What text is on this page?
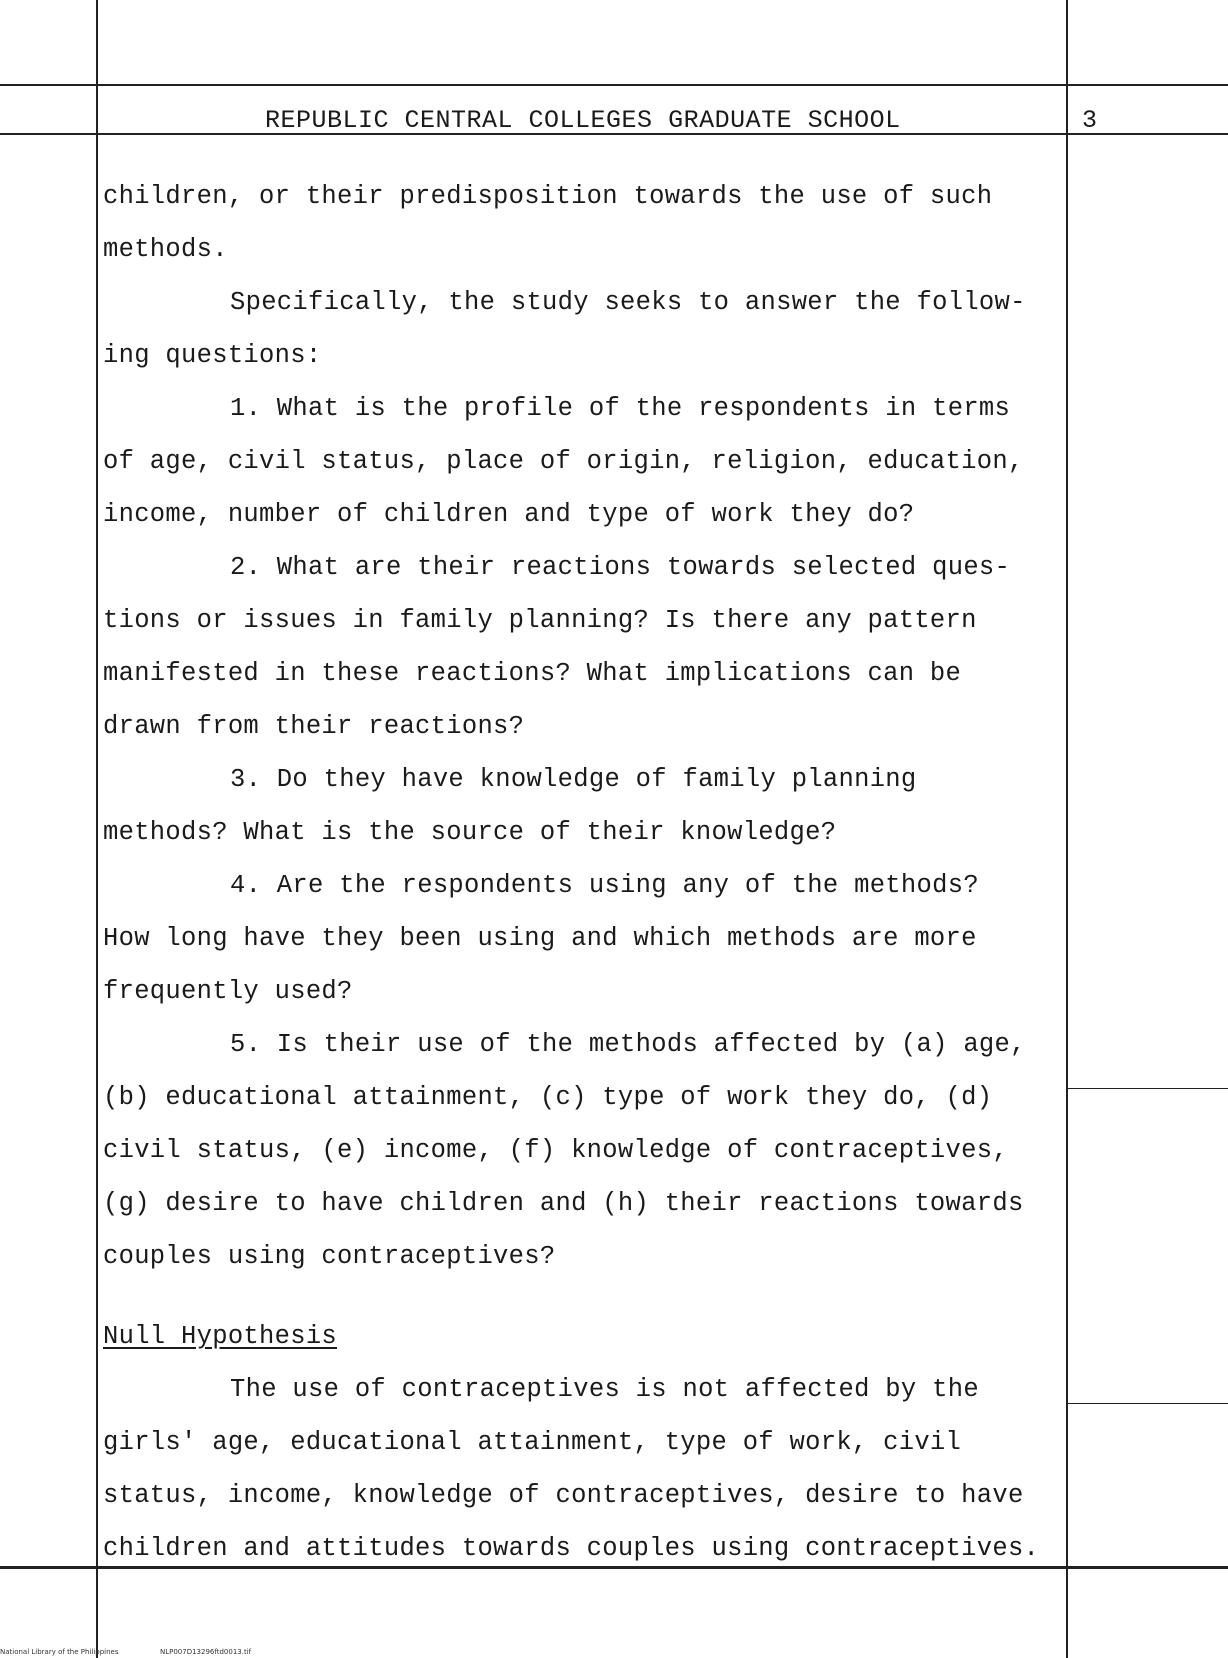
REPUBLIC CENTRAL COLLEGES GRADUATE SCHOOL	3
children, or their predisposition towards the use of such
methods.
Specifically, the study seeks to answer the follow-
ing questions:
1. What is the profile of the respondents in terms
of age, civil status, place of origin, religion, education,
income, number of children and type of work they do?
2. What are their reactions towards selected ques-
tions or issues in family planning? Is there any pattern
manifested in these reactions? What implications can be
drawn from their reactions?
3. Do they have knowledge of family planning
methods? What is the source of their knowledge?
4. Are the respondents using any of the methods?
How long have they been using and which methods are more
frequently used?
5. Is their use of the methods affected by (a) age,
(b) educational attainment, (c) type of work they do, (d)
civil status, (e) income, (f) knowledge of contraceptives,
(g) desire to have children and (h) their reactions towards
couples using contraceptives?
Null Hypothesis
The use of contraceptives is not affected by the
girls' age, educational attainment, type of work, civil
status, income, knowledge of contraceptives, desire to have
children and attitudes towards couples using contraceptives.
National Library of the Philippines	NLP007D13296ftd0013.tif
